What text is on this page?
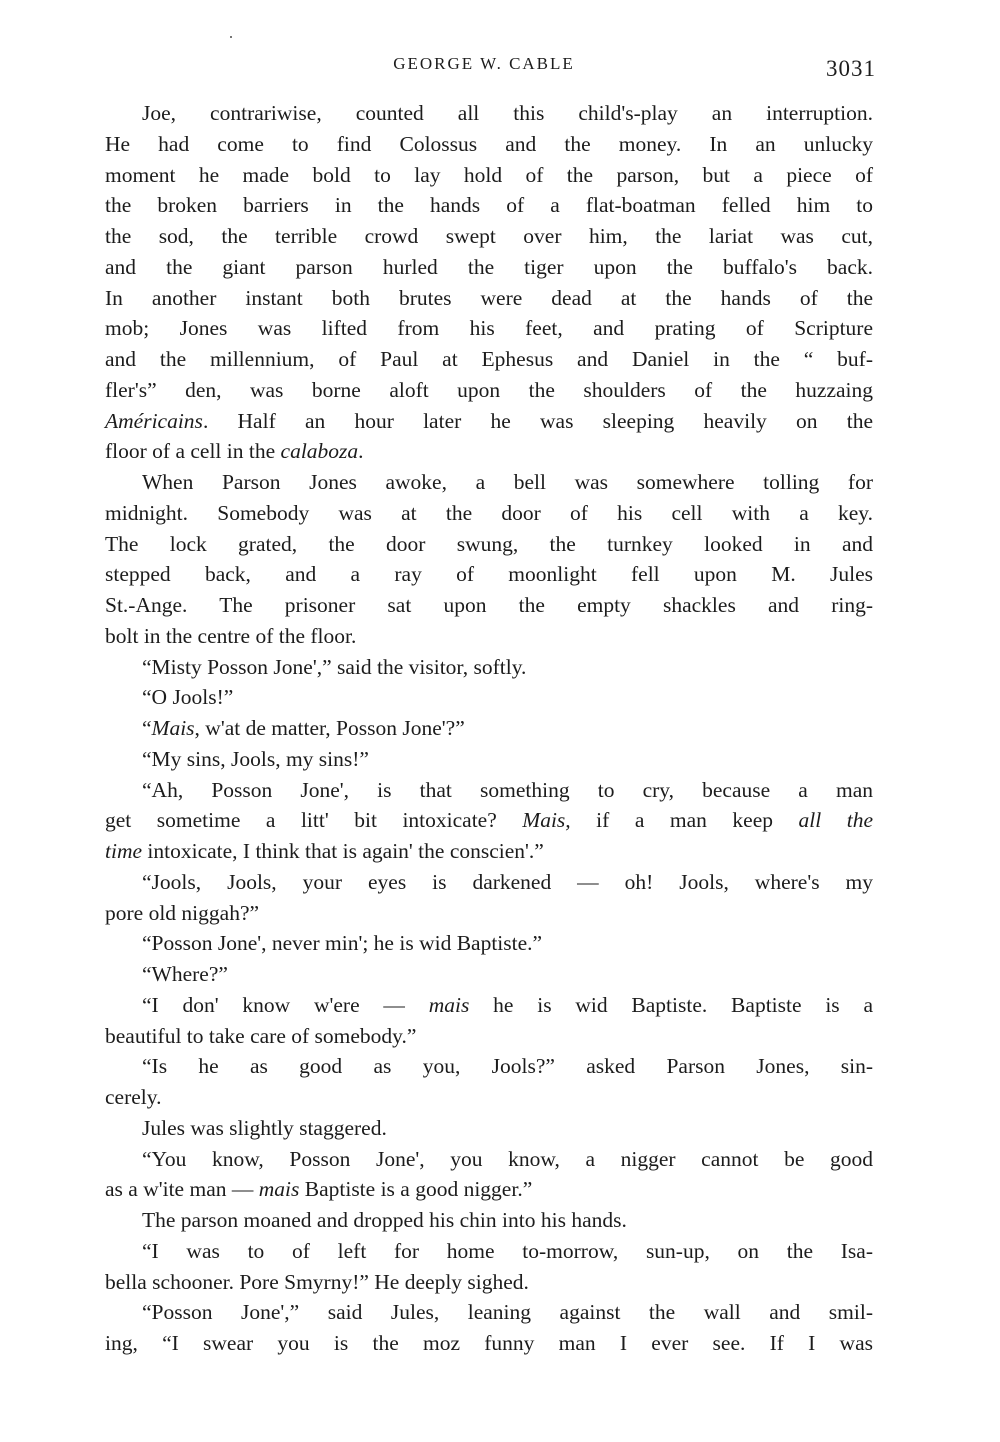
GEORGE W. CABLE	3031
Joe, contrariwise, counted all this child's-play an interruption.
He had come to find Colossus and the money. In an unlucky
moment he made bold to lay hold of the parson, but a piece of
the broken barriers in the hands of a flat-boatman felled him to
the sod, the terrible crowd swept over him, the lariat was cut,
and the giant parson hurled the tiger upon the buffalo's back.
In another instant both brutes were dead at the hands of the
mob; Jones was lifted from his feet, and prating of Scripture
and the millennium, of Paul at Ephesus and Daniel in the “ buf-
fler's” den, was borne aloft upon the shoulders of the huzzaing
Américains. Half an hour later he was sleeping heavily on the
floor of a cell in the calaboza.
When Parson Jones awoke, a bell was somewhere tolling for
midnight. Somebody was at the door of his cell with a key.
The lock grated, the door swung, the turnkey looked in and
stepped back, and a ray of moonlight fell upon M. Jules
St.-Ange. The prisoner sat upon the empty shackles and ring-
bolt in the centre of the floor.
“Misty Posson Jone',” said the visitor, softly.
“O Jools!”
“Mais, w'at de matter, Posson Jone'?”
“My sins, Jools, my sins!”
“Ah, Posson Jone', is that something to cry, because a man
get sometime a litt' bit intoxicate? Mais, if a man keep all the
time intoxicate, I think that is again' the conscien'.”
“Jools, Jools, your eyes is darkened — oh! Jools, where's my
pore old niggah?”
“Posson Jone', never min'; he is wid Baptiste.”
“Where?”
“I don' know w'ere — mais he is wid Baptiste. Baptiste is a
beautiful to take care of somebody.”
“Is he as good as you, Jools?” asked Parson Jones, sin-
cerely.
Jules was slightly staggered.
“You know, Posson Jone', you know, a nigger cannot be good
as a w'ite man — mais Baptiste is a good nigger.”
The parson moaned and dropped his chin into his hands.
“I was to of left for home to-morrow, sun-up, on the Isa-
bella schooner. Pore Smyrny!” He deeply sighed.
“Posson Jone',” said Jules, leaning against the wall and smil-
ing, “I swear you is the moz funny man I ever see. If I was
